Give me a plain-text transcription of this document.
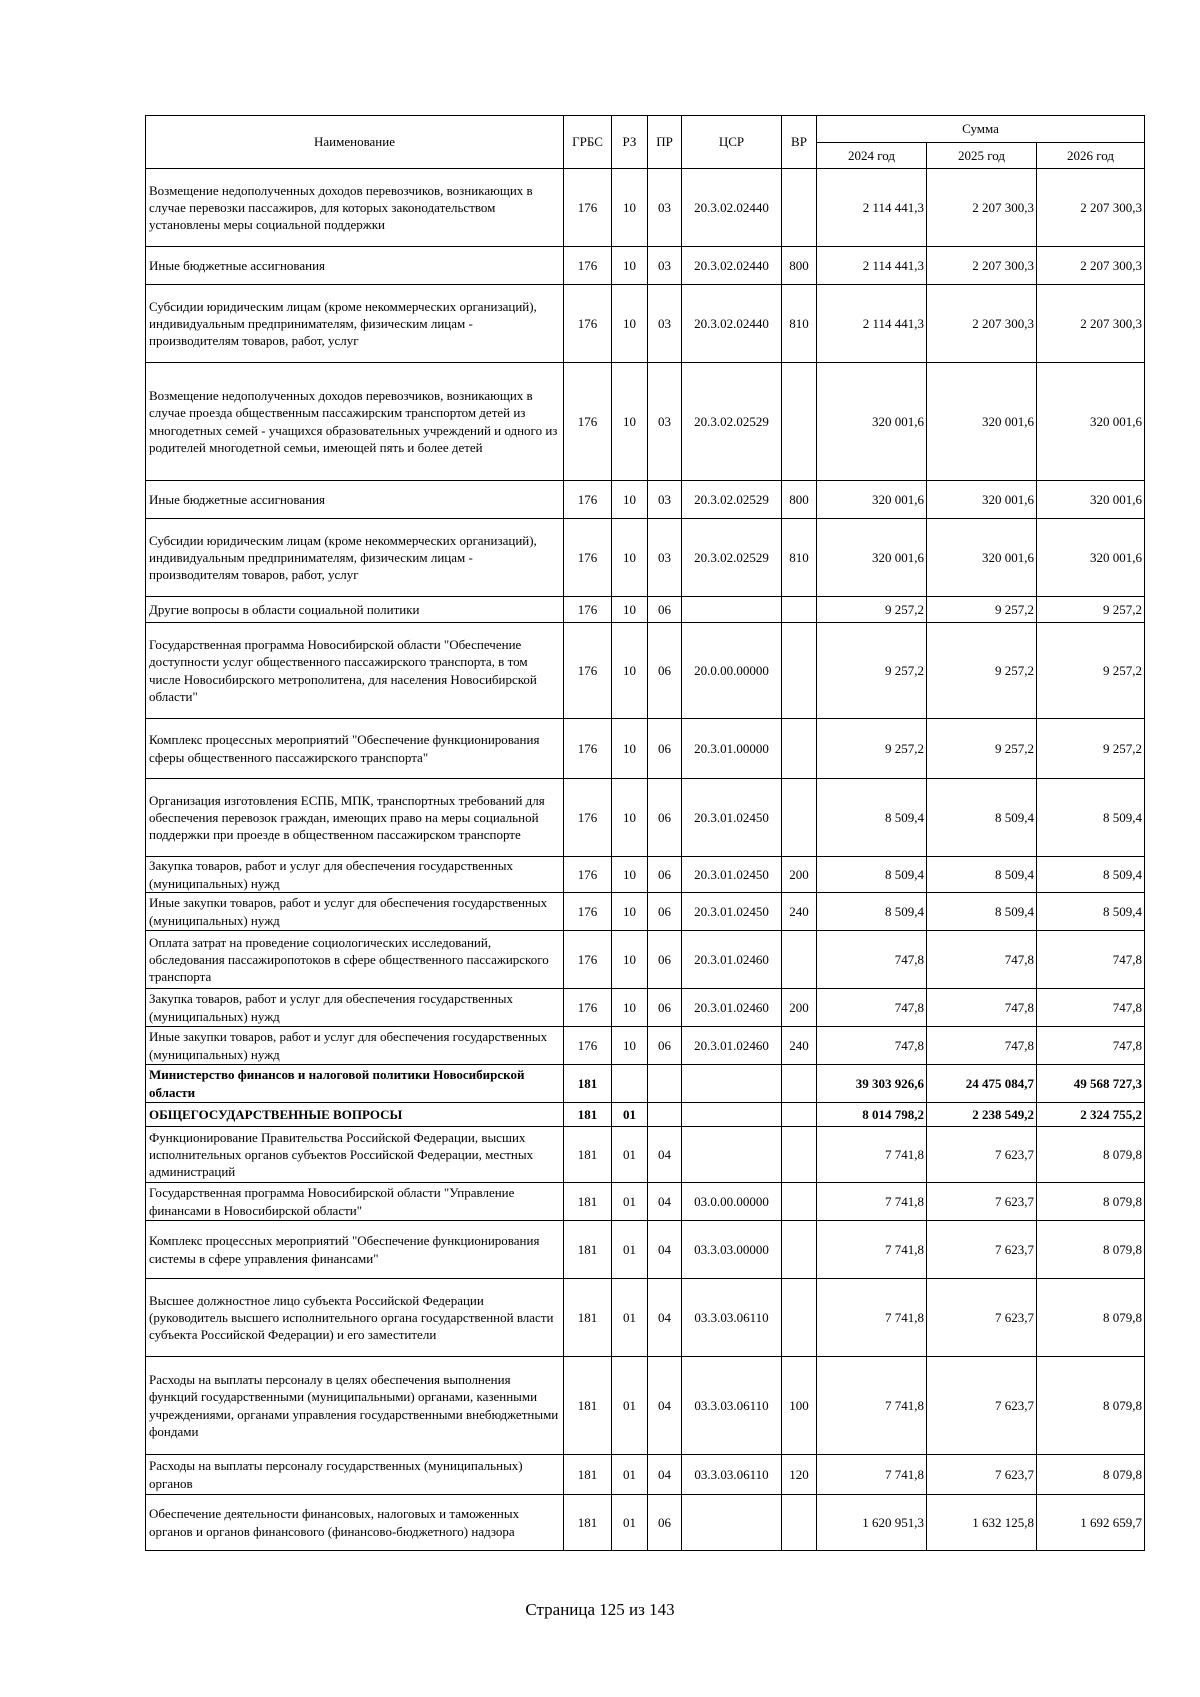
Наименование	ГРБС	РЗ	ПР	ЦСР	ВР	Сумма		
						2024 год	2025 год	2026 год
Возмещение недополученных доходов перевозчиков, возникающих в случае перевозки пассажиров, для которых законодательством установлены меры социальной поддержки	176	10	03	20.3.02.02440		2 114 441,3	2 207 300,3	2 207 300,3
Иные бюджетные ассигнования	176	10	03	20.3.02.02440	800	2 114 441,3	2 207 300,3	2 207 300,3
Субсидии юридическим лицам (кроме некоммерческих организаций), индивидуальным предпринимателям, физическим лицам - производителям товаров, работ, услуг	176	10	03	20.3.02.02440	810	2 114 441,3	2 207 300,3	2 207 300,3
Возмещение недополученных доходов перевозчиков, возникающих в случае проезда общественным пассажирским транспортом детей из многодетных семей - учащихся образовательных учреждений и одного из родителей многодетной семьи, имеющей пять и более детей	176	10	03	20.3.02.02529		320 001,6	320 001,6	320 001,6
Иные бюджетные ассигнования	176	10	03	20.3.02.02529	800	320 001,6	320 001,6	320 001,6
Субсидии юридическим лицам (кроме некоммерческих организаций), индивидуальным предпринимателям, физическим лицам - производителям товаров, работ, услуг	176	10	03	20.3.02.02529	810	320 001,6	320 001,6	320 001,6
Другие вопросы в области социальной политики	176	10	06			9 257,2	9 257,2	9 257,2
Государственная программа Новосибирской области "Обеспечение доступности услуг общественного пассажирского транспорта, в том числе Новосибирского метрополитена, для населения Новосибирской области"	176	10	06	20.0.00.00000		9 257,2	9 257,2	9 257,2
Комплекс процессных мероприятий "Обеспечение функционирования сферы общественного пассажирского транспорта"	176	10	06	20.3.01.00000		9 257,2	9 257,2	9 257,2
Организация изготовления ЕСПБ, МПК, транспортных требований для обеспечения перевозок граждан, имеющих право на меры социальной поддержки при проезде в общественном пассажирском транспорте	176	10	06	20.3.01.02450		8 509,4	8 509,4	8 509,4
Закупка товаров, работ и услуг для обеспечения государственных (муниципальных) нужд	176	10	06	20.3.01.02450	200	8 509,4	8 509,4	8 509,4
Иные закупки товаров, работ и услуг для обеспечения государственных (муниципальных) нужд	176	10	06	20.3.01.02450	240	8 509,4	8 509,4	8 509,4
Оплата затрат на проведение социологических исследований, обследования пассажиропотоков в сфере общественного пассажирского транспорта	176	10	06	20.3.01.02460		747,8	747,8	747,8
Закупка товаров, работ и услуг для обеспечения государственных (муниципальных) нужд	176	10	06	20.3.01.02460	200	747,8	747,8	747,8
Иные закупки товаров, работ и услуг для обеспечения государственных (муниципальных) нужд	176	10	06	20.3.01.02460	240	747,8	747,8	747,8
Министерство финансов и налоговой политики Новосибирской области	181					39 303 926,6	24 475 084,7	49 568 727,3
ОБЩЕГОСУДАРСТВЕННЫЕ ВОПРОСЫ	181	01				8 014 798,2	2 238 549,2	2 324 755,2
Функционирование Правительства Российской Федерации, высших исполнительных органов субъектов Российской Федерации, местных администраций	181	01	04			7 741,8	7 623,7	8 079,8
Государственная программа Новосибирской области "Управление финансами в Новосибирской области"	181	01	04	03.0.00.00000		7 741,8	7 623,7	8 079,8
Комплекс процессных мероприятий "Обеспечение функционирования системы в сфере управления финансами"	181	01	04	03.3.03.00000		7 741,8	7 623,7	8 079,8
Высшее должностное лицо субъекта Российской Федерации (руководитель высшего исполнительного органа государственной власти субъекта Российской Федерации) и его заместители	181	01	04	03.3.03.06110		7 741,8	7 623,7	8 079,8
Расходы на выплаты персоналу в целях обеспечения выполнения функций государственными (муниципальными) органами, казенными учреждениями, органами управления государственными внебюджетными фондами	181	01	04	03.3.03.06110	100	7 741,8	7 623,7	8 079,8
Расходы на выплаты персоналу государственных (муниципальных) органов	181	01	04	03.3.03.06110	120	7 741,8	7 623,7	8 079,8
Обеспечение деятельности финансовых, налоговых и таможенных органов и органов финансового (финансово-бюджетного) надзора	181	01	06			1 620 951,3	1 632 125,8	1 692 659,7
Страница 125 из 143
